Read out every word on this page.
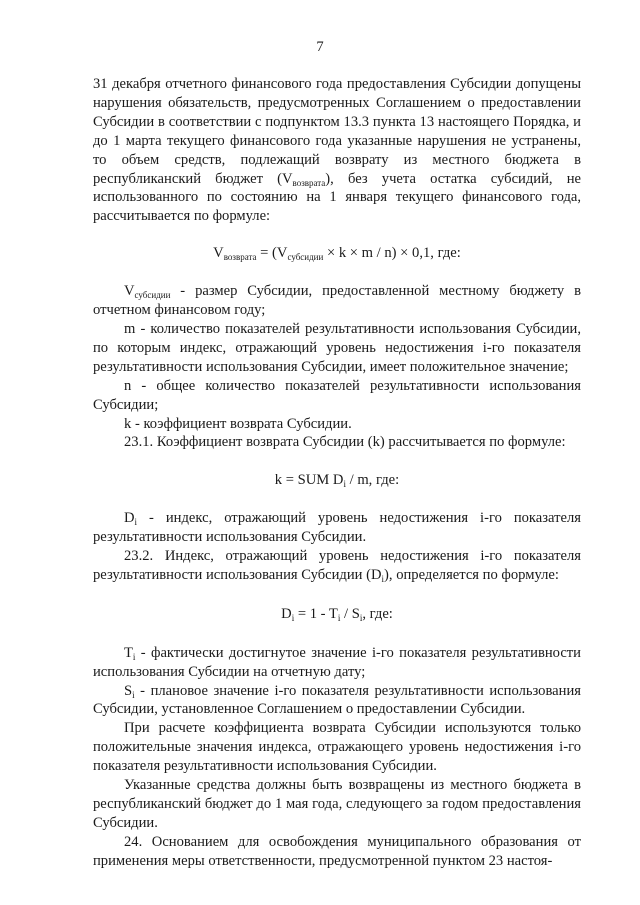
7

31 декабря отчетного финансового года предоставления Субсидии допущены нарушения обязательств, предусмотренных Соглашением о предоставлении Субсидии в соответствии с подпунктом 13.3 пункта 13 настоящего Порядка, и до 1 марта текущего финансового года указанные нарушения не устранены, то объем средств, подлежащий возврату из местного бюджета в республиканский бюджет $(V_{возврата})$, без учета остатка субсидий, не использованного по состоянию на 1 января текущего финансового года, рассчитывается по формуле:

$V_{возврата} = (V_{субсидии} \times k \times m / n) \times 0,1$, где:

$V_{субсидии}$ - размер Субсидии, предоставленной местному бюджету в отчетном финансовом году;

m - количество показателей результативности использования Субсидии, по которым индекс, отражающий уровень недостижения i-го показателя результативности использования Субсидии, имеет положительное значение;

n - общее количество показателей результативности использования Субсидии;

k - коэффициент возврата Субсидии.

23.1. Коэффициент возврата Субсидии (k) рассчитывается по формуле:

k = SUM $D_i$ / m, где:

$D_i$ - индекс, отражающий уровень недостижения i-го показателя результативности использования Субсидии.

23.2. Индекс, отражающий уровень недостижения i-го показателя результативности использования Субсидии $(D_i)$, определяется по формуле:

$D_i = 1 - T_i / S_i$, где:

$T_i$ - фактически достигнутое значение i-го показателя результативности использования Субсидии на отчетную дату;

$S_i$ - плановое значение i-го показателя результативности использования Субсидии, установленное Соглашением о предоставлении Субсидии.

При расчете коэффициента возврата Субсидии используются только положительные значения индекса, отражающего уровень недостижения i-го показателя результативности использования Субсидии.

Указанные средства должны быть возвращены из местного бюджета в республиканский бюджет до 1 мая года, следующего за годом предоставления Субсидии.

24. Основанием для освобождения муниципального образования от применения меры ответственности, предусмотренной пунктом 23 настоя-
